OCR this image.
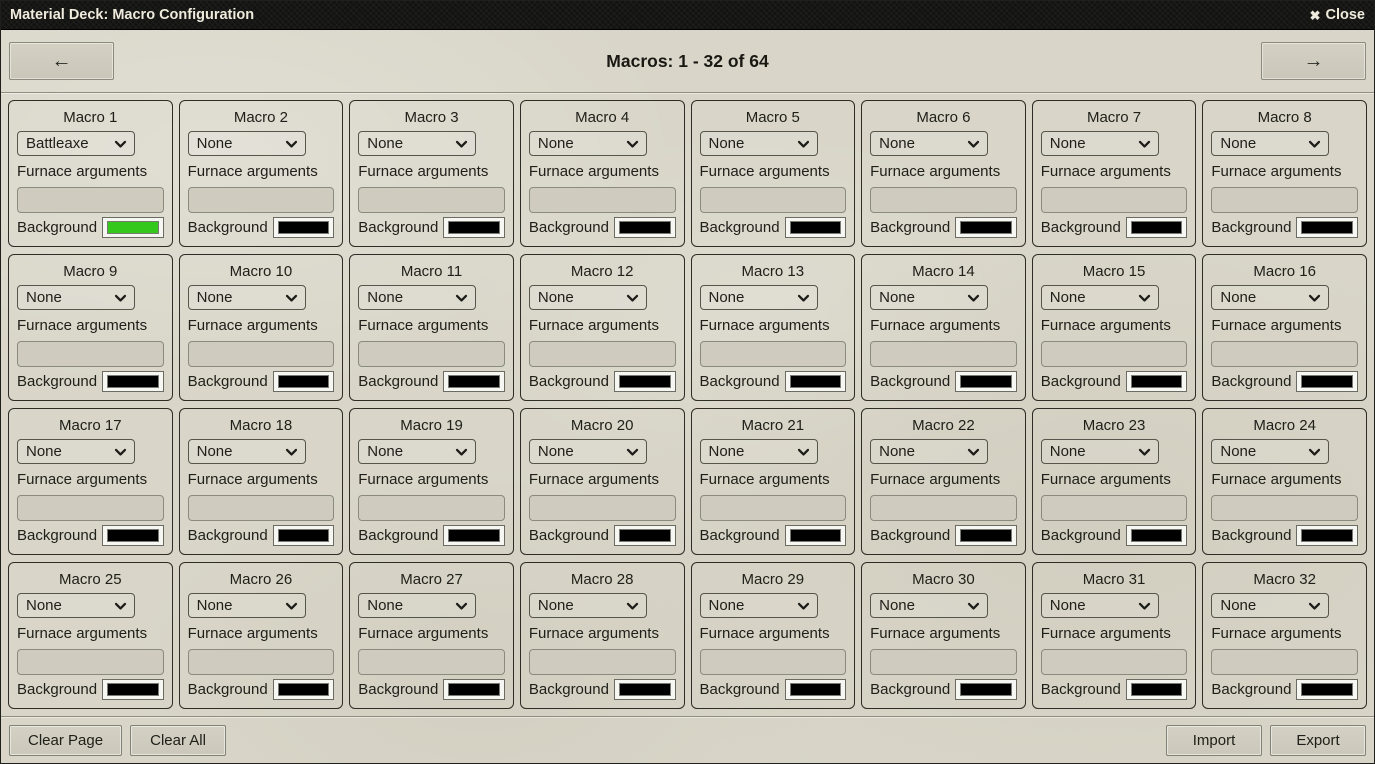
Material Deck: Macro Configuration	✖ Close
←	Macros: 1 - 32 of 64	→
Macro 1
Battleaxe
Furnace arguments
Background
Macro 2
None
Furnace arguments
Background
Macro 3
None
Furnace arguments
Background
Macro 4
None
Furnace arguments
Background
Macro 5
None
Furnace arguments
Background
Macro 6
None
Furnace arguments
Background
Macro 7
None
Furnace arguments
Background
Macro 8
None
Furnace arguments
Background
Macro 9
None
Furnace arguments
Background
Macro 10
None
Furnace arguments
Background
Macro 11
None
Furnace arguments
Background
Macro 12
None
Furnace arguments
Background
Macro 13
None
Furnace arguments
Background
Macro 14
None
Furnace arguments
Background
Macro 15
None
Furnace arguments
Background
Macro 16
None
Furnace arguments
Background
Macro 17
None
Furnace arguments
Background
Macro 18
None
Furnace arguments
Background
Macro 19
None
Furnace arguments
Background
Macro 20
None
Furnace arguments
Background
Macro 21
None
Furnace arguments
Background
Macro 22
None
Furnace arguments
Background
Macro 23
None
Furnace arguments
Background
Macro 24
None
Furnace arguments
Background
Macro 25
None
Furnace arguments
Background
Macro 26
None
Furnace arguments
Background
Macro 27
None
Furnace arguments
Background
Macro 28
None
Furnace arguments
Background
Macro 29
None
Furnace arguments
Background
Macro 30
None
Furnace arguments
Background
Macro 31
None
Furnace arguments
Background
Macro 32
None
Furnace arguments
Background
Clear Page	Clear All	Import	Export
